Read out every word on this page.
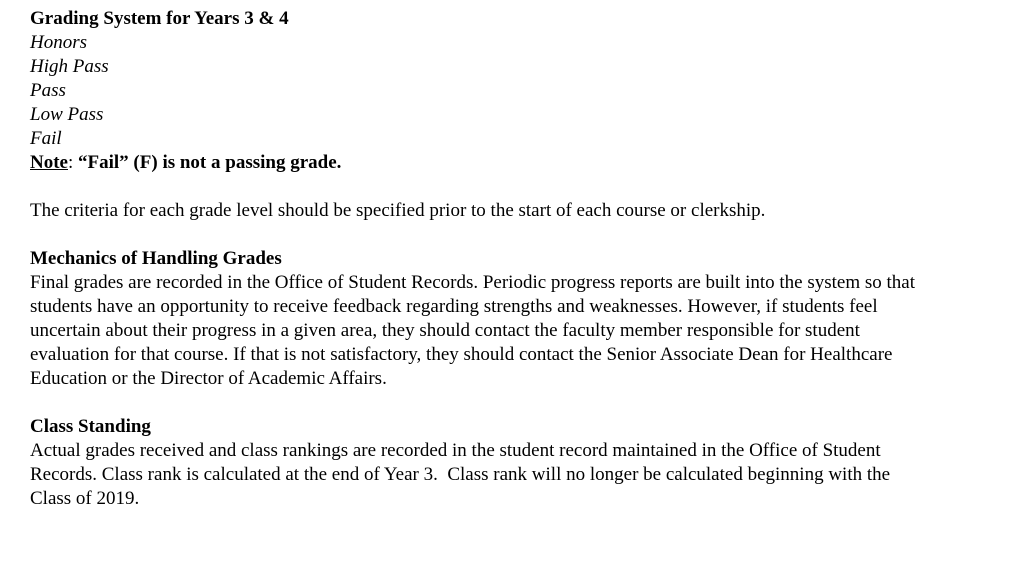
Grading System for Years 3 & 4
Honors
High Pass
Pass
Low Pass
Fail
Note: “Fail” (F) is not a passing grade.
The criteria for each grade level should be specified prior to the start of each course or clerkship.
Mechanics of Handling Grades
Final grades are recorded in the Office of Student Records. Periodic progress reports are built into the system so that
students have an opportunity to receive feedback regarding strengths and weaknesses. However, if students feel
uncertain about their progress in a given area, they should contact the faculty member responsible for student
evaluation for that course. If that is not satisfactory, they should contact the Senior Associate Dean for Healthcare
Education or the Director of Academic Affairs.
Class Standing
Actual grades received and class rankings are recorded in the student record maintained in the Office of Student
Records. Class rank is calculated at the end of Year 3.  Class rank will no longer be calculated beginning with the
Class of 2019.
